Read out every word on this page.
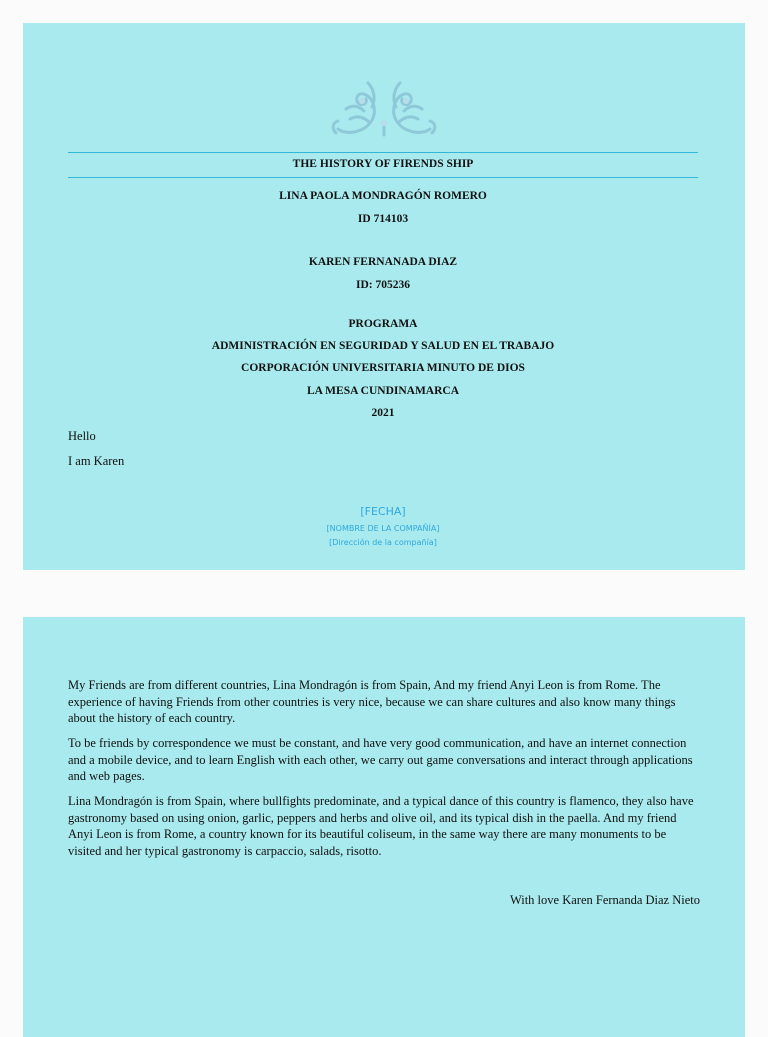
THE HISTORY OF FIRENDS SHIP
LINA PAOLA MONDRAGÓN ROMERO
ID 714103
KAREN FERNANADA DIAZ
ID: 705236
PROGRAMA
ADMINISTRACIÓN EN SEGURIDAD Y SALUD EN EL TRABAJO
CORPORACIÓN UNIVERSITARIA MINUTO DE DIOS
LA MESA CUNDINAMARCA
2021
Hello
I am Karen
[FECHA]
[NOMBRE DE LA COMPAÑÍA]
[Dirección de la compañía]

My Friends are from different countries, Lina Mondragón is from Spain, And my friend Anyi Leon is from Rome. The experience of having Friends from other countries is very nice, because we can share cultures and also know many things about the history of each country.

To be friends by correspondence we must be constant, and have very good communication, and have an internet connection and a mobile device, and to learn English with each other, we carry out game conversations and interact through applications and web pages.

Lina Mondragón is from Spain, where bullfights predominate, and a typical dance of this country is flamenco, they also have gastronomy based on using onion, garlic, peppers and herbs and olive oil, and its typical dish in the paella. And my friend Anyi Leon is from Rome, a country known for its beautiful coliseum, in the same way there are many monuments to be visited and her typical gastronomy is carpaccio, salads, risotto.

With love Karen Fernanda Diaz Nieto
